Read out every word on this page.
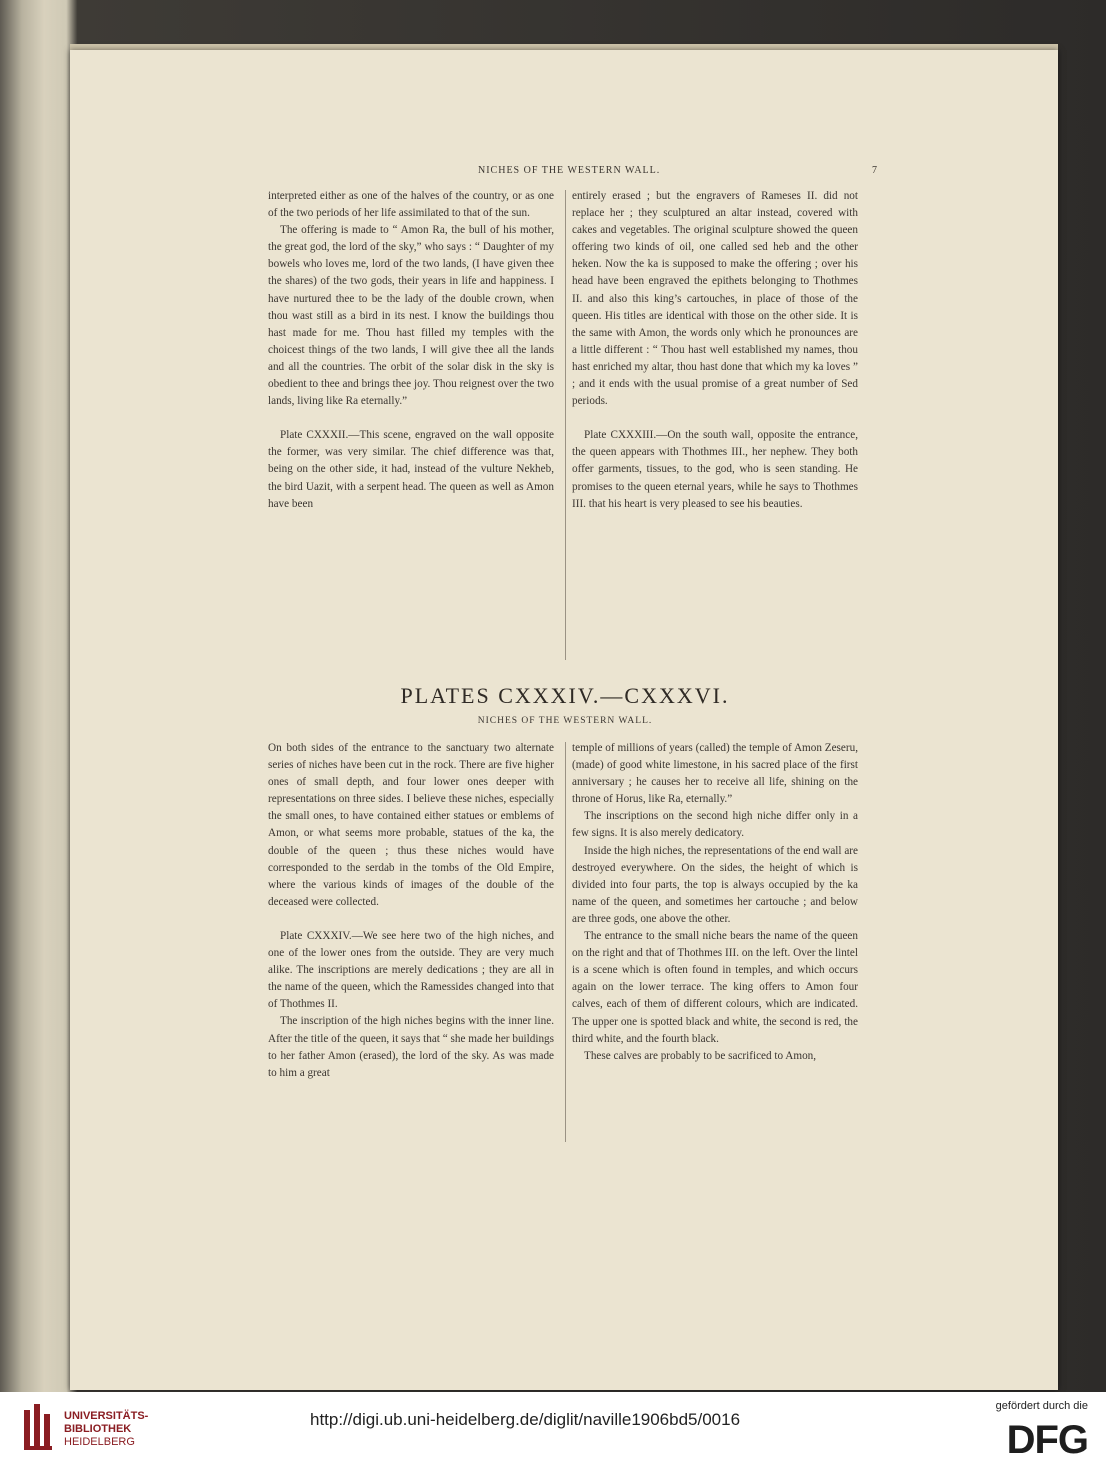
NICHES OF THE WESTERN WALL.	7

interpreted either as one of the halves of the country, or as one of the two periods of her life assimilated to that of the sun.

The offering is made to “ Amon Ra, the bull of his mother, the great god, the lord of the sky,” who says : “ Daughter of my bowels who loves me, lord of the two lands, (I have given thee the shares) of the two gods, their years in life and happiness. I have nurtured thee to be the lady of the double crown, when thou wast still as a bird in its nest. I know the buildings thou hast made for me. Thou hast filled my temples with the choicest things of the two lands, I will give thee all the lands and all the countries. The orbit of the solar disk in the sky is obedient to thee and brings thee joy. Thou reignest over the two lands, living like Ra eternally.”

Plate CXXXII.—This scene, engraved on the wall opposite the former, was very similar. The chief difference was that, being on the other side, it had, instead of the vulture Nekheb, the bird Uazit, with a serpent head. The queen as well as Amon have been

entirely erased ; but the engravers of Rameses II. did not replace her ; they sculptured an altar instead, covered with cakes and vegetables. The original sculpture showed the queen offering two kinds of oil, one called sed heb and the other heken. Now the ka is supposed to make the offering ; over his head have been engraved the epithets belonging to Thothmes II. and also this king’s cartouches, in place of those of the queen. His titles are identical with those on the other side. It is the same with Amon, the words only which he pronounces are a little different : “ Thou hast well established my names, thou hast enriched my altar, thou hast done that which my ka loves ” ; and it ends with the usual promise of a great number of Sed periods.

Plate CXXXIII.—On the south wall, opposite the entrance, the queen appears with Thothmes III., her nephew. They both offer garments, tissues, to the god, who is seen standing. He promises to the queen eternal years, while he says to Thothmes III. that his heart is very pleased to see his beauties.

PLATES CXXXIV.—CXXXVI.
NICHES OF THE WESTERN WALL.

On both sides of the entrance to the sanctuary two alternate series of niches have been cut in the rock. There are five higher ones of small depth, and four lower ones deeper with representations on three sides. I believe these niches, especially the small ones, to have contained either statues or emblems of Amon, or what seems more probable, statues of the ka, the double of the queen ; thus these niches would have corresponded to the serdab in the tombs of the Old Empire, where the various kinds of images of the double of the deceased were collected.

Plate CXXXIV.—We see here two of the high niches, and one of the lower ones from the outside. They are very much alike. The inscriptions are merely dedications ; they are all in the name of the queen, which the Ramessides changed into that of Thothmes II.

The inscription of the high niches begins with the inner line. After the title of the queen, it says that “ she made her buildings to her father Amon (erased), the lord of the sky. As was made to him a great

temple of millions of years (called) the temple of Amon Zeseru, (made) of good white limestone, in his sacred place of the first anniversary ; he causes her to receive all life, shining on the throne of Horus, like Ra, eternally.”

The inscriptions on the second high niche differ only in a few signs. It is also merely dedicatory.

Inside the high niches, the representations of the end wall are destroyed everywhere. On the sides, the height of which is divided into four parts, the top is always occupied by the ka name of the queen, and sometimes her cartouche ; and below are three gods, one above the other.

The entrance to the small niche bears the name of the queen on the right and that of Thothmes III. on the left. Over the lintel is a scene which is often found in temples, and which occurs again on the lower terrace. The king offers to Amon four calves, each of them of different colours, which are indicated. The upper one is spotted black and white, the second is red, the third white, and the fourth black.

These calves are probably to be sacrificed to Amon,

UNIVERSITÄTS-
BIBLIOTHEK
HEIDELBERG
http://digi.ub.uni-heidelberg.de/diglit/naville1906bd5/0016
gefördert durch die
DFG
